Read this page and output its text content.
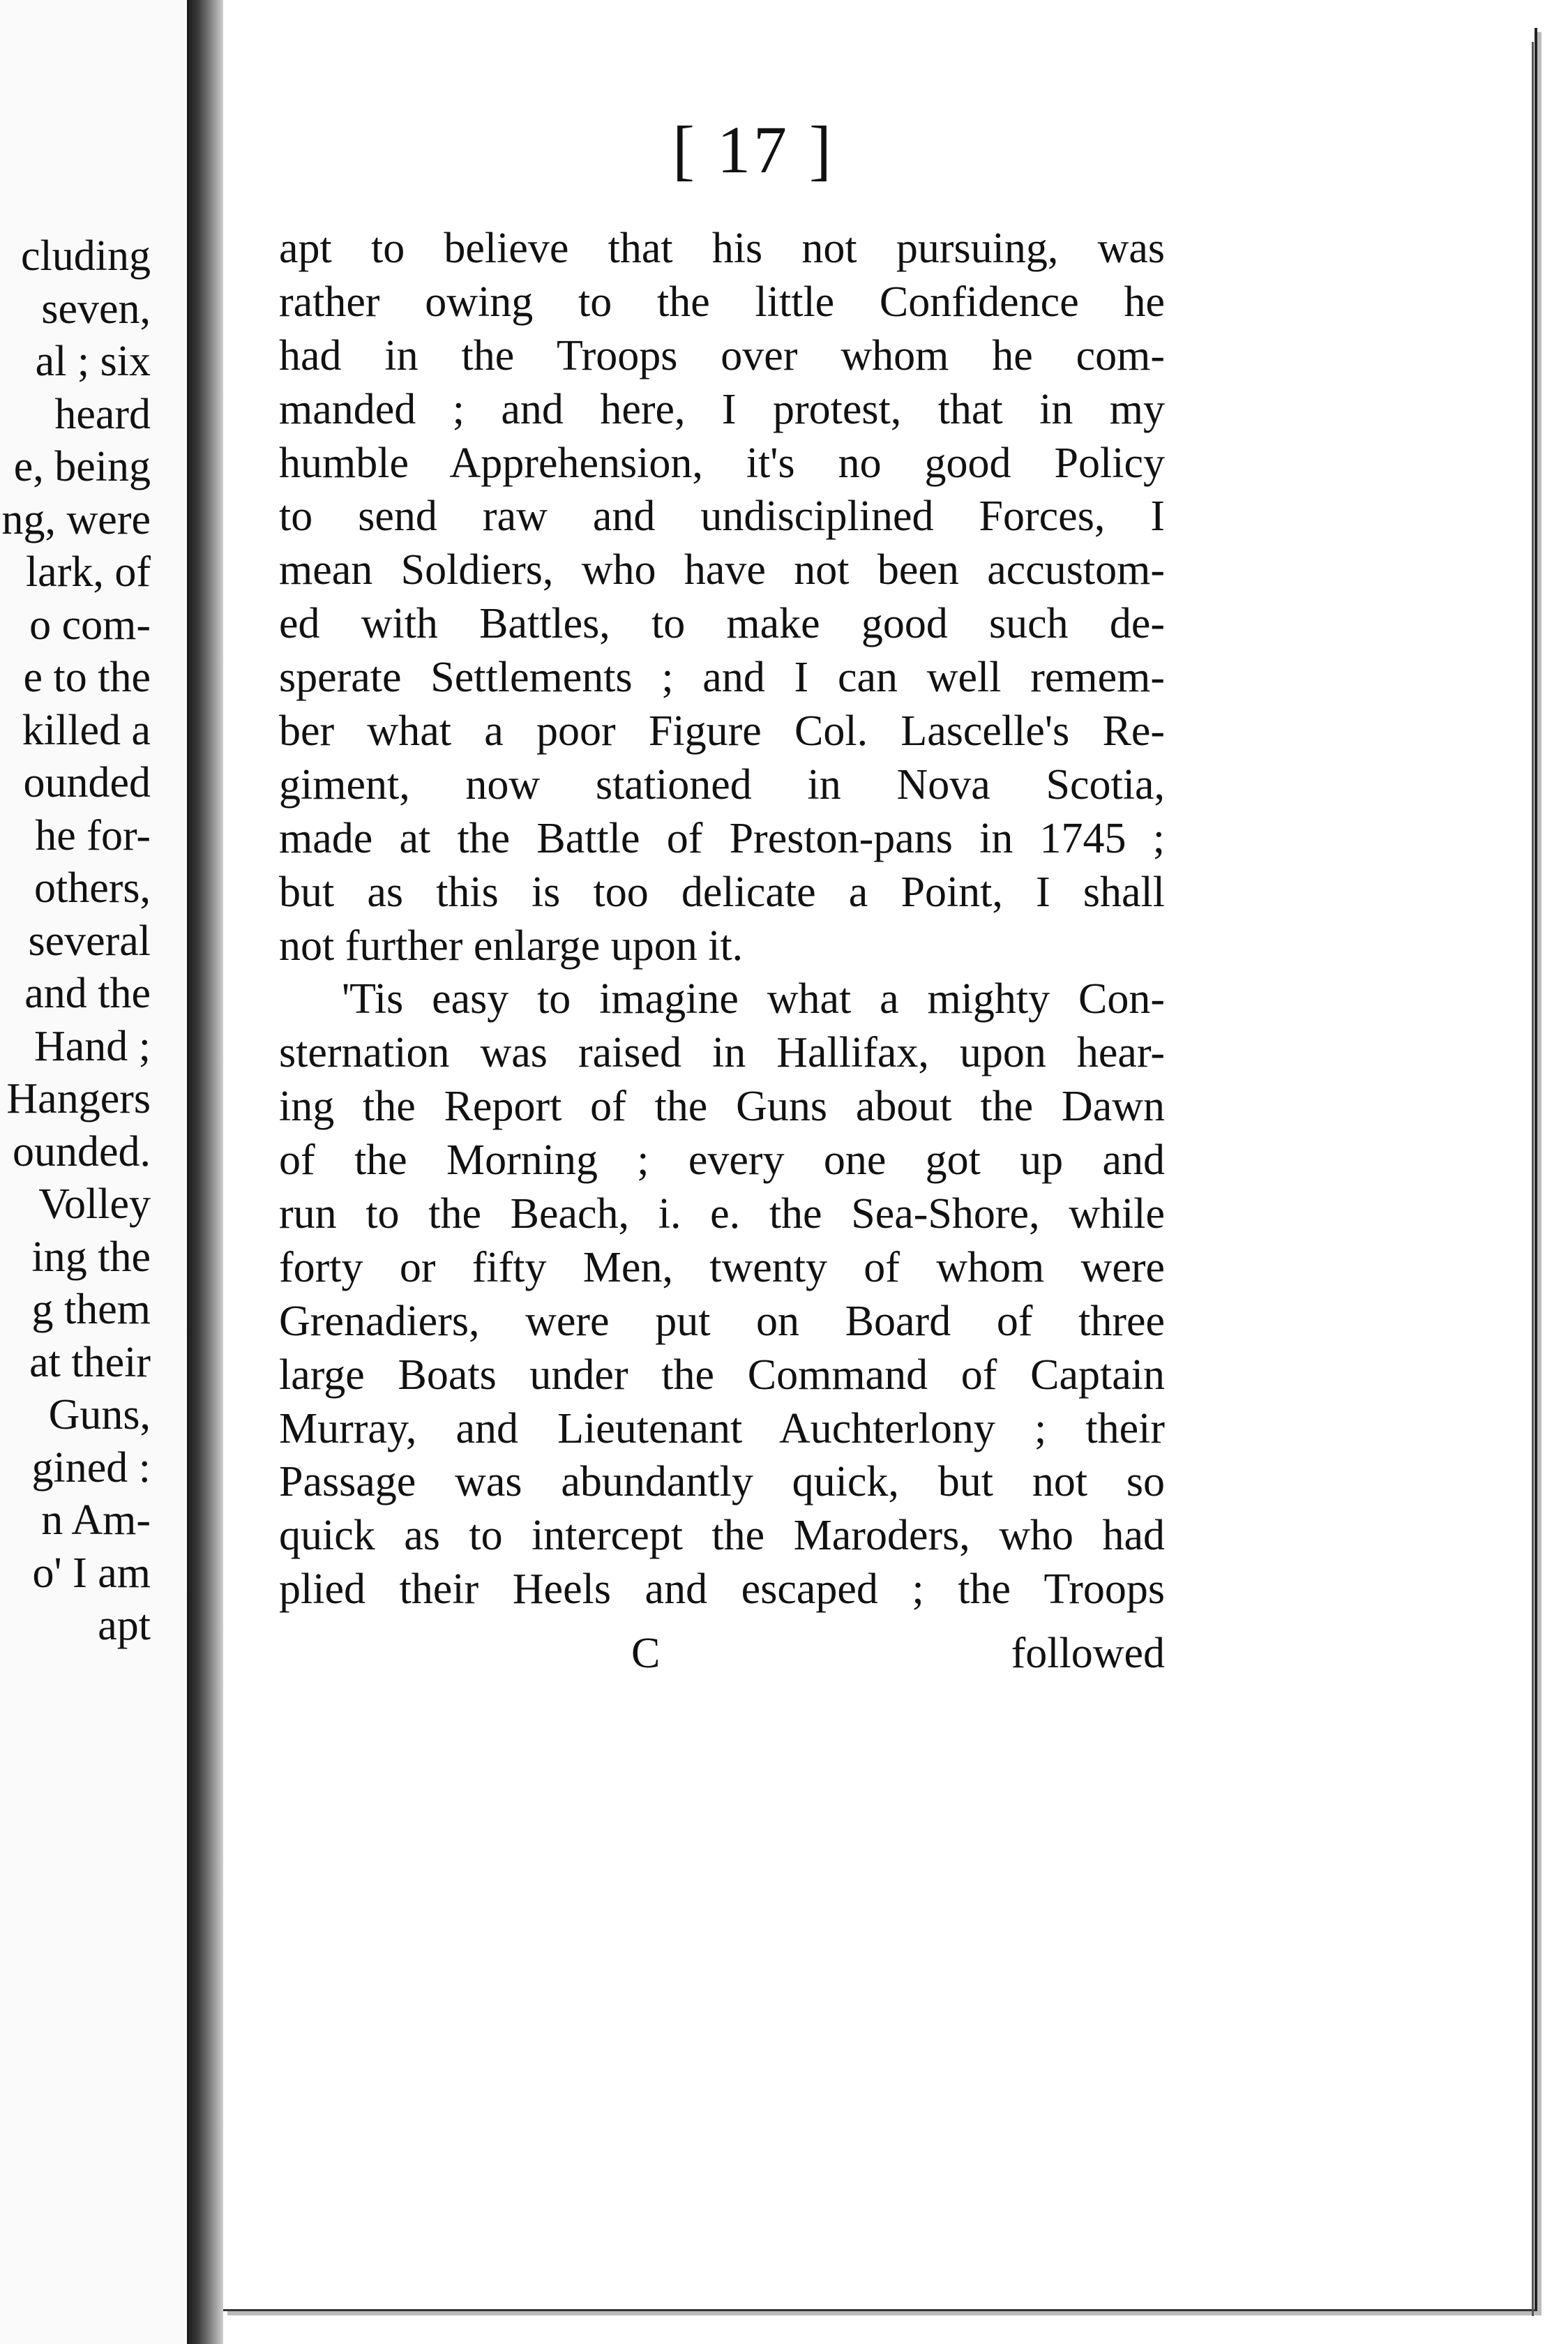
cluding
seven,
al ; six
heard
e, being
ng, were
lark, of
o com-
e to the
killed a
ounded
he for-
others,
several
and the
Hand ;
Hangers
ounded.
Volley
ing the
g them
at their
Guns,
gined :
n Am-
o' I am
apt
[ 17 ]
apt to believe that his not pursuing, was
rather owing to the little Confidence he
had in the Troops over whom he com-
manded ; and here, I protest, that in my
humble Apprehension, it's no good Policy
to send raw and undisciplined Forces, I
mean Soldiers, who have not been accustom-
ed with Battles, to make good such de-
sperate Settlements ; and I can well remem-
ber what a poor Figure Col. Lascelle's Re-
giment, now stationed in Nova Scotia,
made at the Battle of Preston-pans in 1745 ;
but as this is too delicate a Point, I shall
not further enlarge upon it.
'Tis easy to imagine what a mighty Con-
sternation was raised in Hallifax, upon hear-
ing the Report of the Guns about the Dawn
of the Morning ; every one got up and
run to the Beach, i. e. the Sea-Shore, while
forty or fifty Men, twenty of whom were
Grenadiers, were put on Board of three
large Boats under the Command of Captain
Murray, and Lieutenant Auchterlony ; their
Passage was abundantly quick, but not so
quick as to intercept the Maroders, who had
plied their Heels and escaped ; the Troops
C	followed
